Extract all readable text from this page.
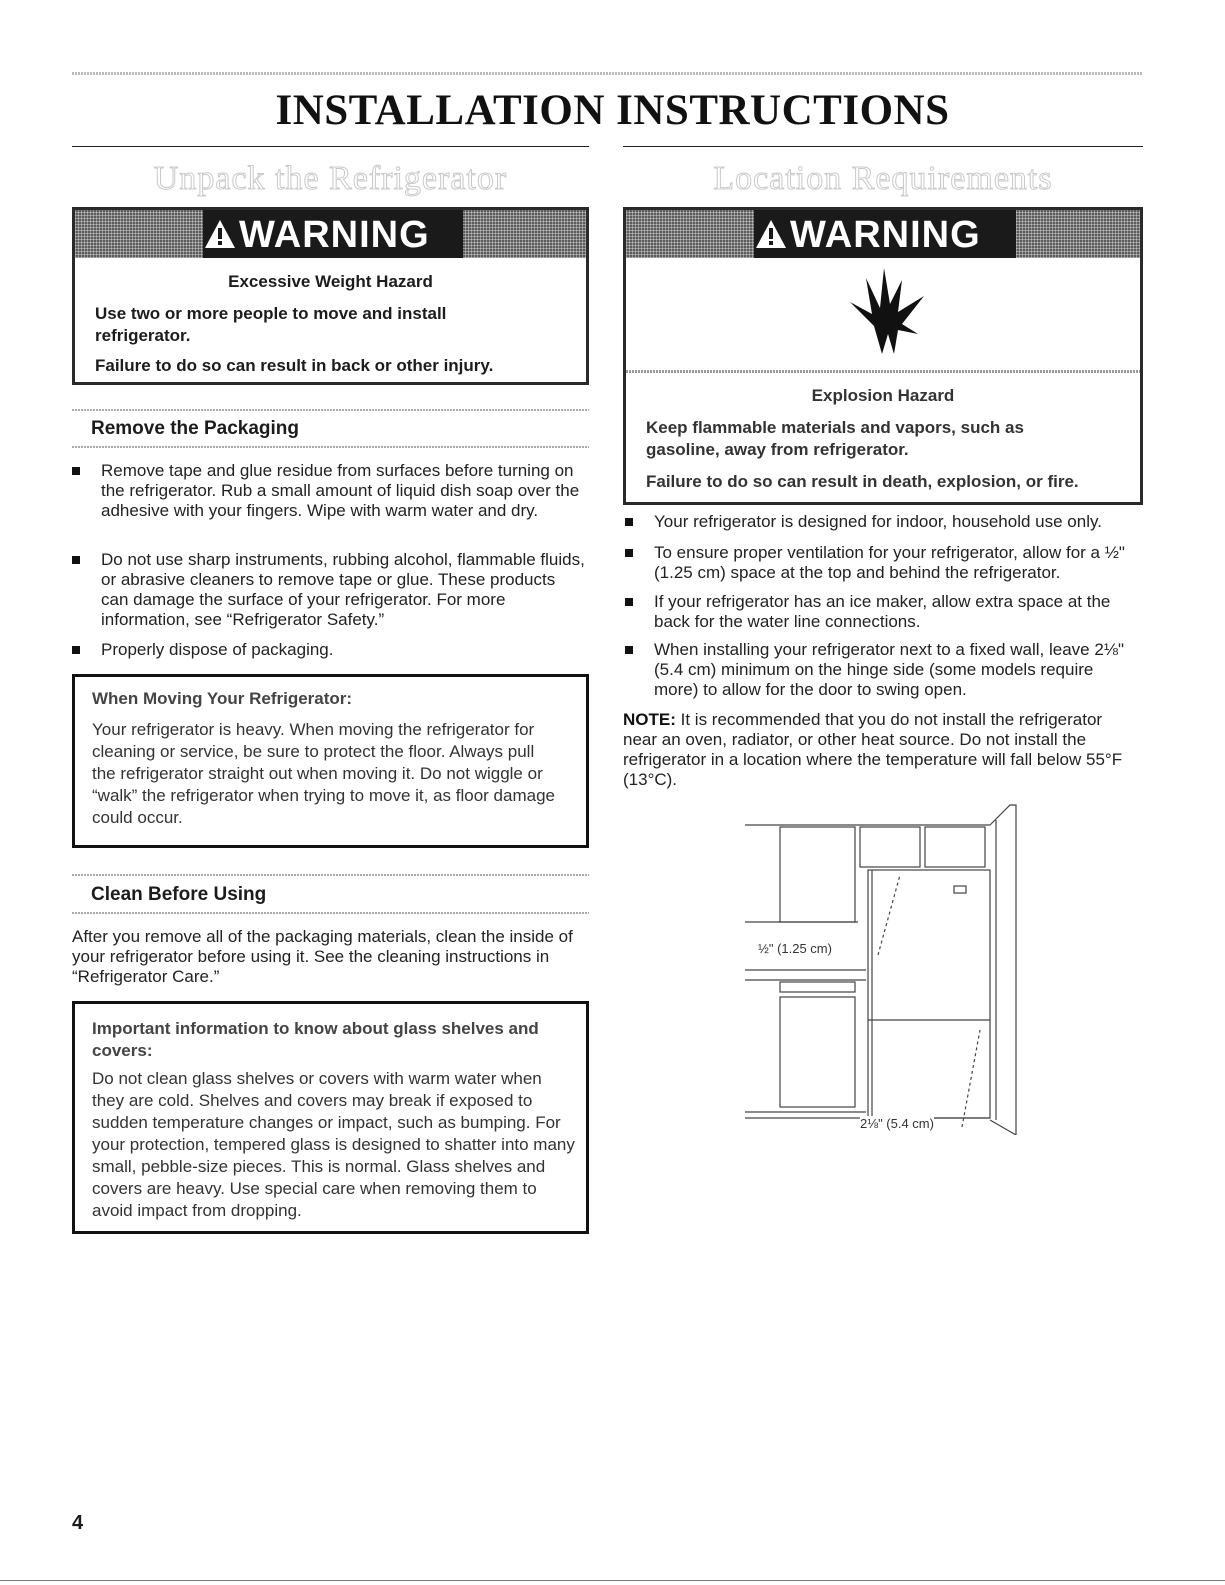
INSTALLATION INSTRUCTIONS
Unpack the Refrigerator
WARNING
Excessive Weight Hazard
Use two or more people to move and install refrigerator.
Failure to do so can result in back or other injury.
Remove the Packaging
Remove tape and glue residue from surfaces before turning on the refrigerator. Rub a small amount of liquid dish soap over the adhesive with your fingers. Wipe with warm water and dry.
Do not use sharp instruments, rubbing alcohol, flammable fluids, or abrasive cleaners to remove tape or glue. These products can damage the surface of your refrigerator. For more information, see “Refrigerator Safety.”
Properly dispose of packaging.
When Moving Your Refrigerator:
Your refrigerator is heavy. When moving the refrigerator for cleaning or service, be sure to protect the floor. Always pull the refrigerator straight out when moving it. Do not wiggle or “walk” the refrigerator when trying to move it, as floor damage could occur.
Clean Before Using
After you remove all of the packaging materials, clean the inside of your refrigerator before using it. See the cleaning instructions in “Refrigerator Care.”
Important information to know about glass shelves and covers:
Do not clean glass shelves or covers with warm water when they are cold. Shelves and covers may break if exposed to sudden temperature changes or impact, such as bumping. For your protection, tempered glass is designed to shatter into many small, pebble-size pieces. This is normal. Glass shelves and covers are heavy. Use special care when removing them to avoid impact from dropping.
Location Requirements
WARNING
Explosion Hazard
Keep flammable materials and vapors, such as gasoline, away from refrigerator.
Failure to do so can result in death, explosion, or fire.
Your refrigerator is designed for indoor, household use only.
To ensure proper ventilation for your refrigerator, allow for a ½" (1.25 cm) space at the top and behind the refrigerator.
If your refrigerator has an ice maker, allow extra space at the back for the water line connections.
When installing your refrigerator next to a fixed wall, leave 2⅛" (5.4 cm) minimum on the hinge side (some models require more) to allow for the door to swing open.
NOTE: It is recommended that you do not install the refrigerator near an oven, radiator, or other heat source. Do not install the refrigerator in a location where the temperature will fall below 55°F (13°C).
½" (1.25 cm)
2⅛" (5.4 cm)
4
